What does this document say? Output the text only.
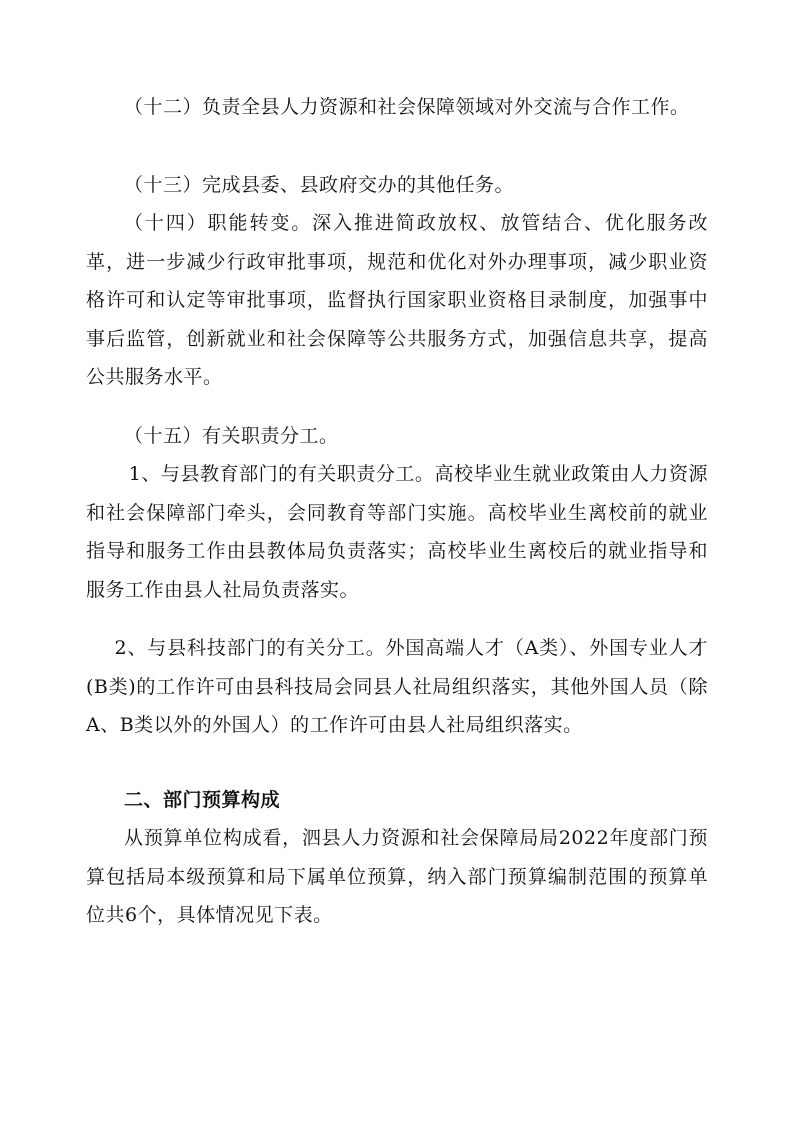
（十二）负责全县人力资源和社会保障领域对外交流与合作工作。

（十三）完成县委、县政府交办的其他任务。

（十四）职能转变。深入推进简政放权、放管结合、优化服务改革，进一步减少行政审批事项，规范和优化对外办理事项，减少职业资格许可和认定等审批事项，监督执行国家职业资格目录制度，加强事中事后监管，创新就业和社会保障等公共服务方式，加强信息共享，提高公共服务水平。

（十五）有关职责分工。

1、与县教育部门的有关职责分工。高校毕业生就业政策由人力资源和社会保障部门牵头，会同教育等部门实施。高校毕业生离校前的就业指导和服务工作由县教体局负责落实；高校毕业生离校后的就业指导和服务工作由县人社局负责落实。

2、与县科技部门的有关分工。外国高端人才（A类）、外国专业人才(B类)的工作许可由县科技局会同县人社局组织落实，其他外国人员（除A、B类以外的外国人）的工作许可由县人社局组织落实。

二、部门预算构成

从预算单位构成看，泗县人力资源和社会保障局局2022年度部门预算包括局本级预算和局下属单位预算，纳入部门预算编制范围的预算单位共6个，具体情况见下表。
